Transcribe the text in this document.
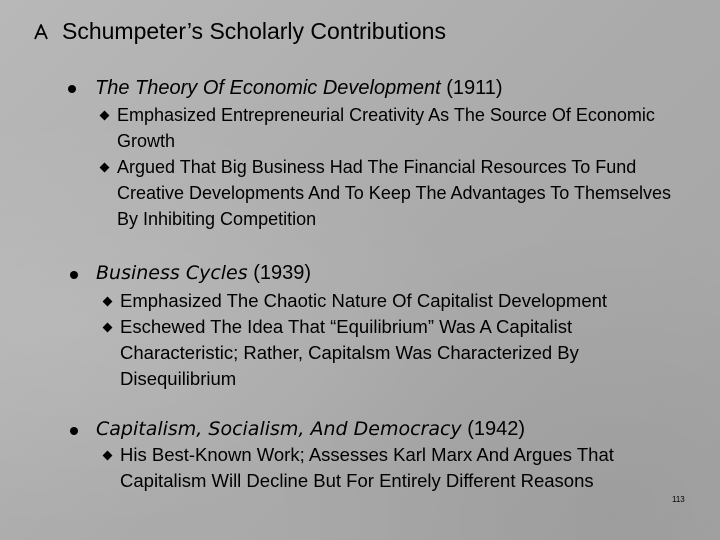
Schumpeter’s Scholarly Contributions
The Theory Of Economic Development (1911)
Emphasized Entrepreneurial Creativity As The Source Of Economic Growth
Argued That Big Business Had The Financial Resources To Fund Creative Developments And To Keep The Advantages To Themselves By Inhibiting Competition
Business Cycles (1939)
Emphasized The Chaotic Nature Of Capitalist Development
Eschewed The Idea That “Equilibrium” Was A Capitalist Characteristic; Rather, Capitalsm Was Characterized By Disequilibrium
Capitalism, Socialism, And Democracy (1942)
His Best-Known Work; Assesses Karl Marx And Argues That Capitalism Will Decline But For Entirely Different Reasons
113
